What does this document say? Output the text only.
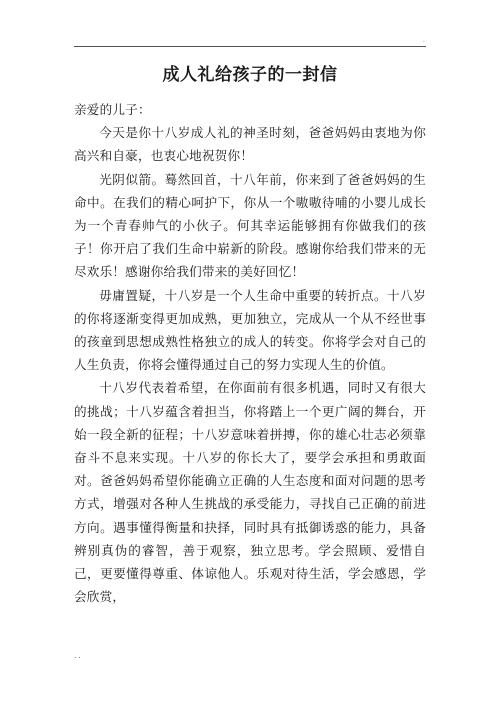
.
成人礼给孩子的一封信

亲爱的儿子：

今天是你十八岁成人礼的神圣时刻，爸爸妈妈由衷地为你高兴和自豪，也衷心地祝贺你！

光阴似箭。蓦然回首，十八年前，你来到了爸爸妈妈的生命中。在我们的精心呵护下，你从一个嗷嗷待哺的小婴儿成长为一个青春帅气的小伙子。何其幸运能够拥有你做我们的孩子！你开启了我们生命中崭新的阶段。感谢你给我们带来的无尽欢乐！感谢你给我们带来的美好回忆！

毋庸置疑，十八岁是一个人生命中重要的转折点。十八岁的你将逐渐变得更加成熟，更加独立，完成从一个从不经世事的孩童到思想成熟性格独立的成人的转变。你将学会对自己的人生负责，你将会懂得通过自己的努力实现人生的价值。

十八岁代表着希望，在你面前有很多机遇，同时又有很大的挑战；十八岁蕴含着担当，你将踏上一个更广阔的舞台，开始一段全新的征程；十八岁意味着拼搏，你的雄心壮志必须靠奋斗不息来实现。十八岁的你长大了，要学会承担和勇敢面对。爸爸妈妈希望你能确立正确的人生态度和面对问题的思考方式，增强对各种人生挑战的承受能力，寻找自己正确的前进方向。遇事懂得衡量和抉择，同时具有抵御诱惑的能力，具备辨别真伪的睿智，善于观察，独立思考。学会照顾、爱惜自己，更要懂得尊重、体谅他人。乐观对待生活，学会感恩，学会欣赏，

. .
